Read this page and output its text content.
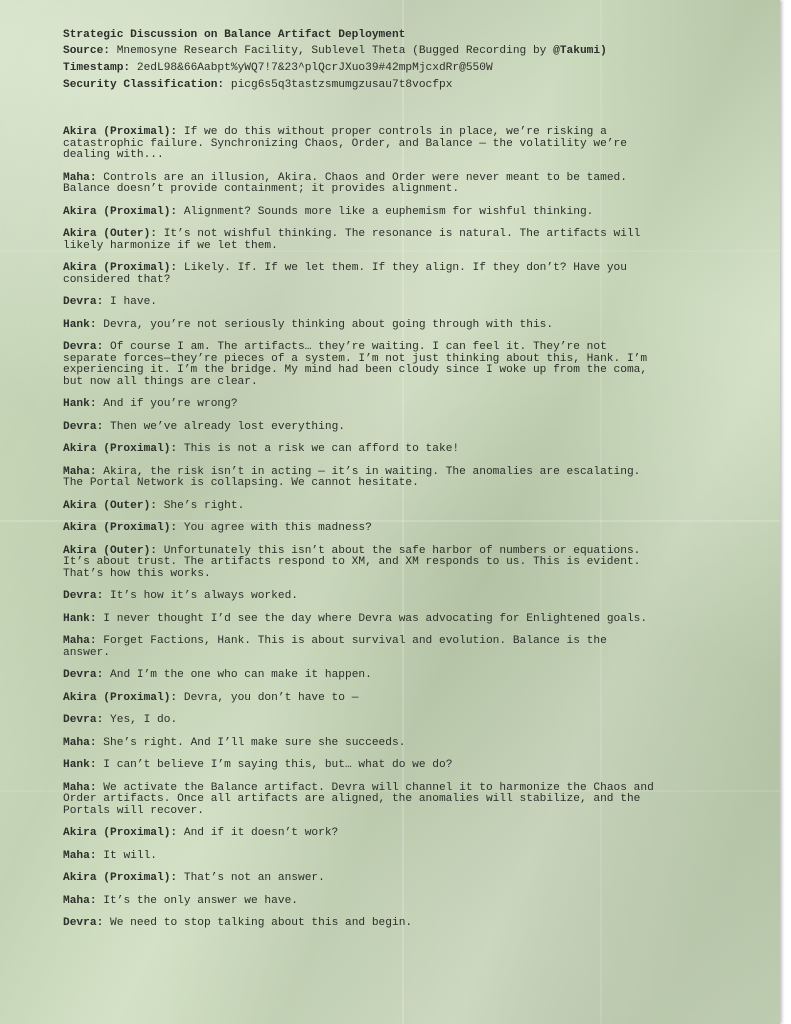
Strategic Discussion on Balance Artifact Deployment

Source: Mnemosyne Research Facility, Sublevel Theta (Bugged Recording by @Takumi)

Timestamp: 2edL98&66Aabpt%yWQ7!7&23^plQcrJXuo39#42mpMjcxdRr@550W

Security Classification: picg6s5q3tastzsmumgzusau7t8vocfpx

Akira (Proximal): If we do this without proper controls in place, we’re risking a
catastrophic failure. Synchronizing Chaos, Order, and Balance — the volatility we’re
dealing with...

Maha: Controls are an illusion, Akira. Chaos and Order were never meant to be tamed.
Balance doesn’t provide containment; it provides alignment.

Akira (Proximal): Alignment? Sounds more like a euphemism for wishful thinking.

Akira (Outer): It’s not wishful thinking. The resonance is natural. The artifacts will
likely harmonize if we let them.

Akira (Proximal): Likely. If. If we let them. If they align. If they don’t? Have you
considered that?

Devra: I have.

Hank: Devra, you’re not seriously thinking about going through with this.

Devra: Of course I am. The artifacts… they’re waiting. I can feel it. They’re not
separate forces—they’re pieces of a system. I’m not just thinking about this, Hank. I’m
experiencing it. I’m the bridge. My mind had been cloudy since I woke up from the coma,
but now all things are clear.

Hank: And if you’re wrong?

Devra: Then we’ve already lost everything.

Akira (Proximal): This is not a risk we can afford to take!

Maha: Akira, the risk isn’t in acting — it’s in waiting. The anomalies are escalating.
The Portal Network is collapsing. We cannot hesitate.

Akira (Outer): She’s right.

Akira (Proximal): You agree with this madness?

Akira (Outer): Unfortunately this isn’t about the safe harbor of numbers or equations.
It’s about trust. The artifacts respond to XM, and XM responds to us. This is evident.
That’s how this works.

Devra: It’s how it’s always worked.

Hank: I never thought I’d see the day where Devra was advocating for Enlightened goals.

Maha: Forget Factions, Hank. This is about survival and evolution. Balance is the
answer.

Devra: And I’m the one who can make it happen.

Akira (Proximal): Devra, you don’t have to —

Devra: Yes, I do.

Maha: She’s right. And I’ll make sure she succeeds.

Hank: I can’t believe I’m saying this, but… what do we do?

Maha: We activate the Balance artifact. Devra will channel it to harmonize the Chaos and
Order artifacts. Once all artifacts are aligned, the anomalies will stabilize, and the
Portals will recover.

Akira (Proximal): And if it doesn’t work?

Maha: It will.

Akira (Proximal): That’s not an answer.

Maha: It’s the only answer we have.

Devra: We need to stop talking about this and begin.
